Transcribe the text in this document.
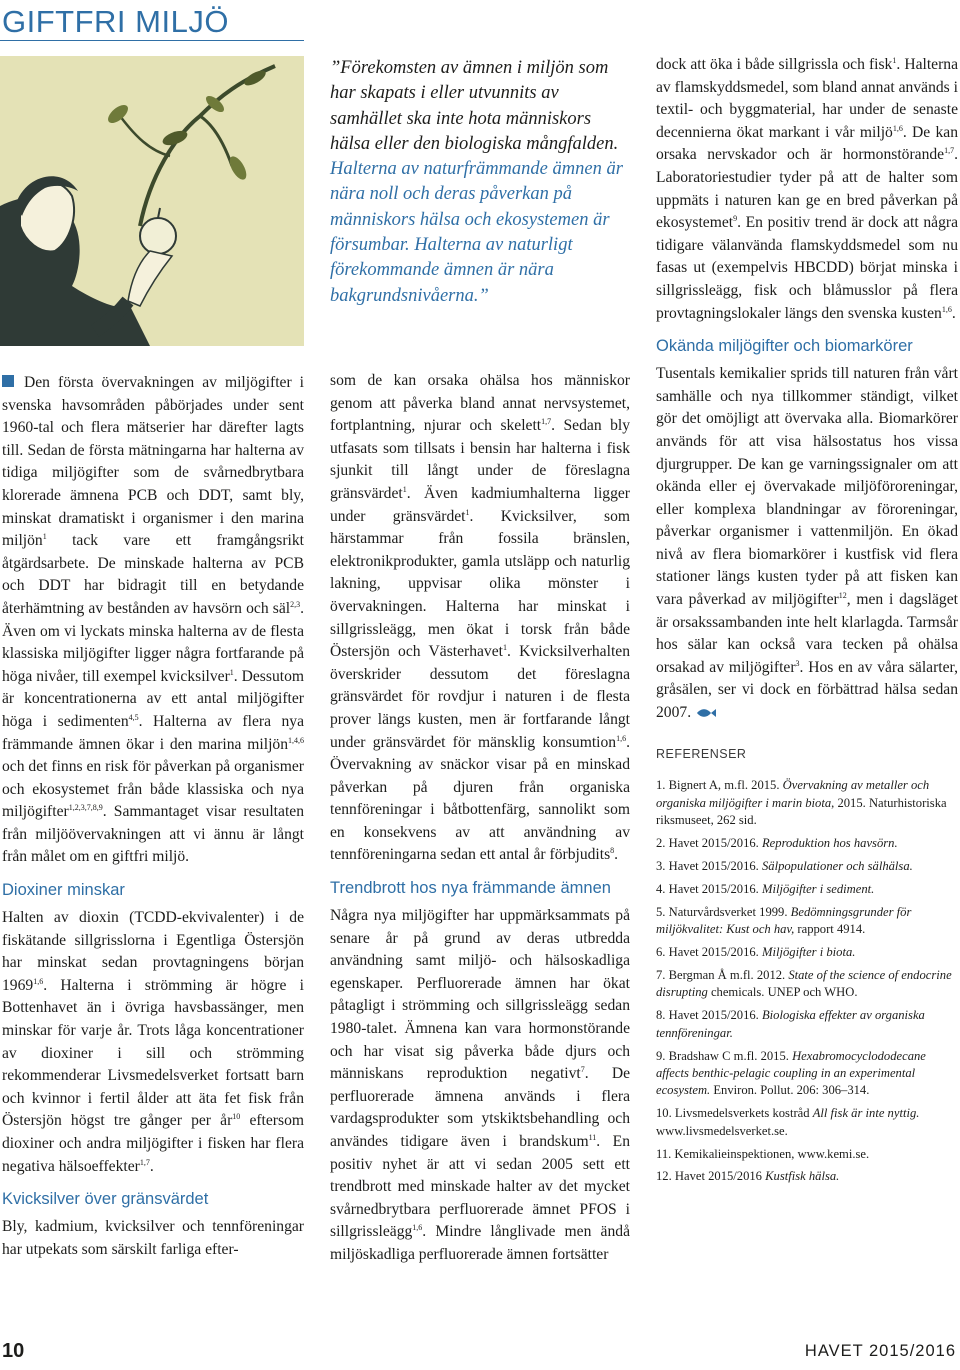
GIFTFRI MILJÖ
”Förekomsten av ämnen i miljön som har skapats i eller utvunnits av samhället ska inte hota människors hälsa eller den biologiska mångfalden. Halterna av naturfrämmande ämnen är nära noll och deras påverkan på människors hälsa och ekosystemen är försumbar. Halterna av naturligt förekommande ämnen är nära bakgrundsnivåerna.”

Den första övervakningen av miljögifter i svenska havsområden påbörjades under sent 1960-tal och flera mätserier har därefter lagts till. Sedan de första mätningarna har halterna av tidiga miljögifter som de svårnedbrytbara klorerade ämnena PCB och DDT, samt bly, minskat dramatiskt i organismer i den marina miljön$^1$ tack vare ett framgångsrikt åtgärdsarbete. De minskade halterna av PCB och DDT har bidragit till en betydande återhämtning av bestånden av havsörn och säl$^{2,3}$. Även om vi lyckats minska halterna av de flesta klassiska miljögifter ligger några fortfarande på höga nivåer, till exempel kvicksilver$^1$. Dessutom är koncentrationerna av ett antal miljögifter höga i sedimenten$^{4,5}$. Halterna av flera nya främmande ämnen ökar i den marina miljön$^{1,4,6}$ och det finns en risk för påverkan på organismer och ekosystemet från både klassiska och nya miljögifter$^{1,2,3,7,8,9}$. Sammantaget visar resultaten från miljöövervakningen att vi ännu är långt från målet om en giftfri miljö.

Dioxiner minskar

Halten av dioxin (TCDD-ekvivalenter) i de fiskätande sillgrisslorna i Egentliga Östersjön har minskat sedan provtagningens början 1969$^{1,6}$. Halterna i strömming är högre i Bottenhavet än i övriga havsbassänger, men minskar för varje år. Trots låga koncentrationer av dioxiner i sill och strömming rekommenderar Livsmedelsverket fortsatt barn och kvinnor i fertil ålder att äta fet fisk från Östersjön högst tre gånger per $år^{10}$ eftersom dioxiner och andra miljögifter i fisken har flera negativa hälsoeffekter$^{1,7}$.

Kvicksilver över gränsvärdet

Bly, kadmium, kvicksilver och tennföreningar har utpekats som särskilt farliga efter-

som de kan orsaka ohälsa hos människor genom att påverka bland annat nervsystemet, fortplantning, njurar och skelett$^{1,7}$. Sedan bly utfasats som tillsats i bensin har halterna i fisk sjunkit till långt under de föreslagna gränsvärdet$^1$. Även kadmiumhalterna ligger under gränsvärdet$^1$. Kvicksilver, som härstammar från fossila bränslen, elektronikprodukter, gamla utsläpp och naturlig lakning, uppvisar olika mönster i övervakningen. Halterna har minskat i sillgrissleägg, men ökat i torsk från både Östersjön och Västerhavet$^1$. Kvicksilverhalten överskrider dessutom det föreslagna gränsvärdet för rovdjur i naturen i de flesta prover längs kusten, men är fortfarande långt under gränsvärdet för mänsklig konsumtion$^{1,6}$. Övervakning av snäckor visar på en minskad påverkan på djuren från organiska tennföreningar i båtbottenfärg, sannolikt som en konsekvens av att användning av tennföreningarna sedan ett antal år förbjudits$^8$.

Trendbrott hos nya främmande ämnen

Några nya miljögifter har uppmärksammats på senare år på grund av deras utbredda användning samt miljö- och hälsoskadliga egenskaper. Perfluorerade ämnen har ökat påtagligt i strömming och sillgrissleägg sedan 1980-talet. Ämnena kan vara hormonstörande och har visat sig påverka både djurs och människans reproduktion negativt$^7$. De perfluorerade ämnena används i flera vardagsprodukter som ytskiktsbehandling och användes tidigare även i brandskum$^{11}$. En positiv nyhet är att vi sedan 2005 sett ett trendbrott med minskade halter av det mycket svårnedbrytbara perfluorerade ämnet PFOS i sillgrissleägg$^{1,6}$. Mindre långlivade men ändå miljöskadliga perfluorerade ämnen fortsätter

dock att öka i både sillgrissla och fisk$^1$. Halterna av flamskyddsmedel, som bland annat används i textil- och byggmaterial, har under de senaste decennierna ökat markant i vår miljö$^{1,6}$. De kan orsaka nervskador och är hormonstörande$^{1,7}$. Laboratoriestudier tyder på att de halter som uppmäts i naturen kan ge en bred påverkan på ekosystemet$^9$. En positiv trend är dock att några tidigare välanvända flamskyddsmedel som nu fasas ut (exempelvis HBCDD) börjat minska i sillgrissleägg, fisk och blåmusslor på flera provtagningslokaler längs den svenska kusten$^{1,6}$.

Okända miljögifter och biomarkörer

Tusentals kemikalier sprids till naturen från vårt samhälle och nya tillkommer ständigt, vilket gör det omöjligt att övervaka alla. Biomarkörer används för att visa hälsostatus hos vissa djurgrupper. De kan ge varningssignaler om att okända eller ej övervakade miljöföroreningar, eller komplexa blandningar av föroreningar, påverkar organismer i vattenmiljön. En ökad nivå av flera biomarkörer i kustfisk vid flera stationer längs kusten tyder på att fisken kan vara påverkad av miljögifter$^{12}$, men i dagsläget är orsakssambanden inte helt klarlagda. Tarmsår hos sälar kan också vara tecken på ohälsa orsakad av miljögifter$^3$. Hos en av våra sälarter, gråsälen, ser vi dock en förbättrad hälsa sedan 2007.

REFERENSER
1. Bignert A, m.fl. 2015. Övervakning av metaller och organiska miljögifter i marin biota, 2015. Naturhistoriska riksmuseet, 262 sid.
2. Havet 2015/2016. Reproduktion hos havsörn.
3. Havet 2015/2016. Sälpopulationer och sälhälsa.
4. Havet 2015/2016. Miljögifter i sediment.
5. Naturvårdsverket 1999. Bedömningsgrunder för miljökvalitet: Kust och hav, rapport 4914.
6. Havet 2015/2016. Miljögifter i biota.
7. Bergman Å m.fl. 2012. State of the science of endocrine disrupting chemicals. UNEP och WHO.
8. Havet 2015/2016. Biologiska effekter av organiska tennföreningar.
9. Bradshaw C m.fl. 2015. Hexabromocyclododecane affects benthic-pelagic coupling in an experimental ecosystem. Environ. Pollut. 206: 306–314.
10. Livsmedelsverkets kostråd All fisk är inte nyttig. www.livsmedelsverket.se.
11. Kemikalieinspektionen, www.kemi.se.
12. Havet 2015/2016 Kustfisk hälsa.
10	HAVET 2015/2016
